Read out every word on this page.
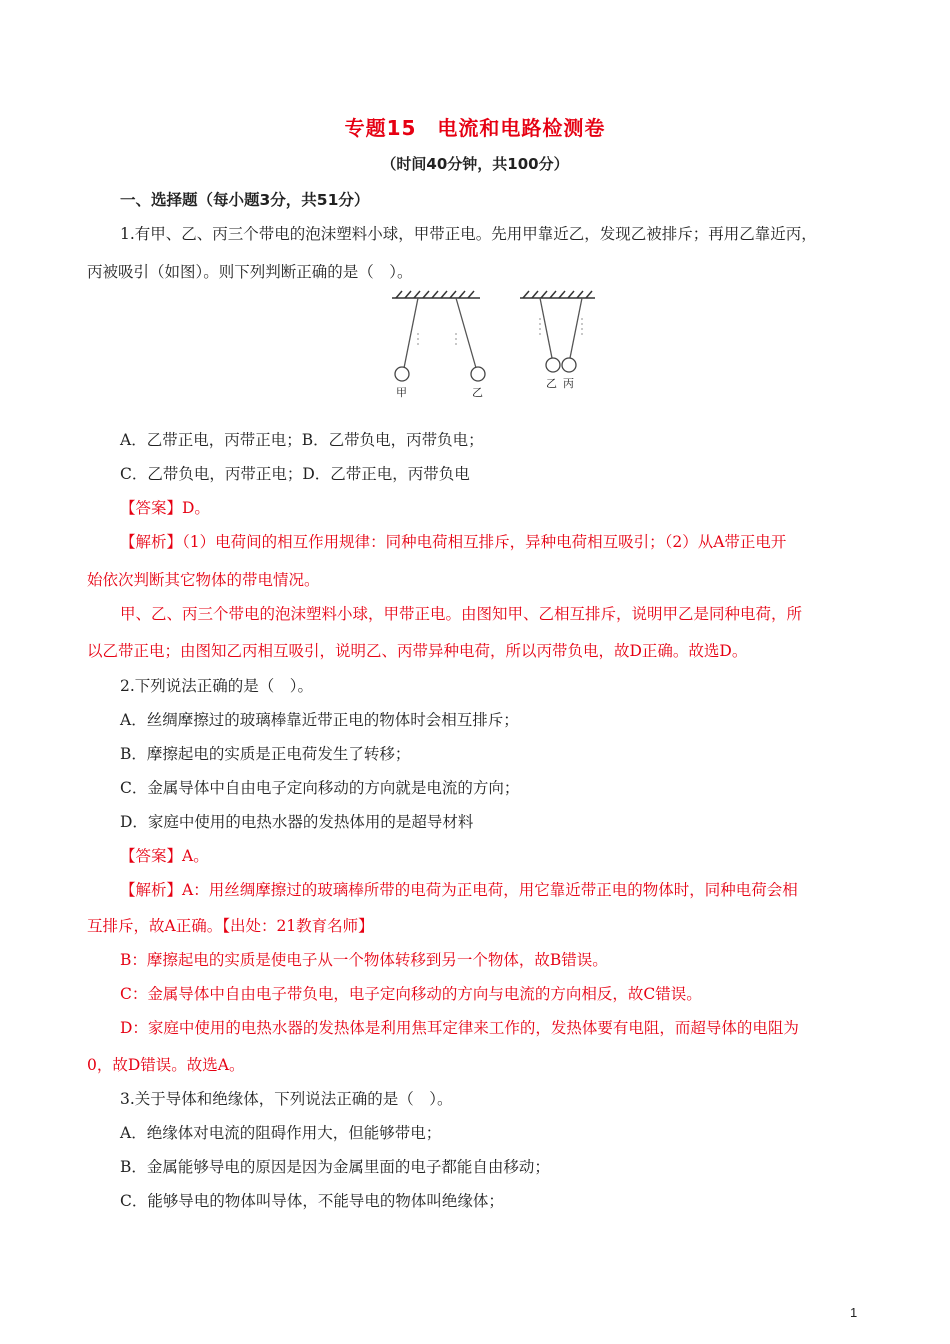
专题15　电流和电路检测卷
（时间40分钟，共100分）
一、选择题（每小题3分，共51分）
1.有甲、乙、丙三个带电的泡沫塑料小球，甲带正电。先用甲靠近乙，发现乙被排斥；再用乙靠近丙，
丙被吸引（如图）。则下列判断正确的是（　）。
甲	乙
乙 丙
A．乙带正电，丙带正电；B．乙带负电，丙带负电；
C．乙带负电，丙带正电；D．乙带正电，丙带负电
【答案】D。
【解析】（1）电荷间的相互作用规律：同种电荷相互排斥，异种电荷相互吸引；（2）从A带正电开
始依次判断其它物体的带电情况。
甲、乙、丙三个带电的泡沫塑料小球，甲带正电。由图知甲、乙相互排斥，说明甲乙是同种电荷，所
以乙带正电；由图知乙丙相互吸引，说明乙、丙带异种电荷，所以丙带负电，故D正确。故选D。
2.下列说法正确的是（　）。
A．丝绸摩擦过的玻璃棒靠近带正电的物体时会相互排斥；
B．摩擦起电的实质是正电荷发生了转移；
C．金属导体中自由电子定向移动的方向就是电流的方向；
D．家庭中使用的电热水器的发热体用的是超导材料
【答案】A。
【解析】A：用丝绸摩擦过的玻璃棒所带的电荷为正电荷，用它靠近带正电的物体时，同种电荷会相
互排斥，故A正确。【出处：21教育名师】
B：摩擦起电的实质是使电子从一个物体转移到另一个物体，故B错误。
C：金属导体中自由电子带负电，电子定向移动的方向与电流的方向相反，故C错误。
D：家庭中使用的电热水器的发热体是利用焦耳定律来工作的，发热体要有电阻，而超导体的电阻为
0，故D错误。故选A。
3.关于导体和绝缘体，下列说法正确的是（　）。
A．绝缘体对电流的阻碍作用大，但能够带电；
B．金属能够导电的原因是因为金属里面的电子都能自由移动；
C．能够导电的物体叫导体，不能导电的物体叫绝缘体；
1
